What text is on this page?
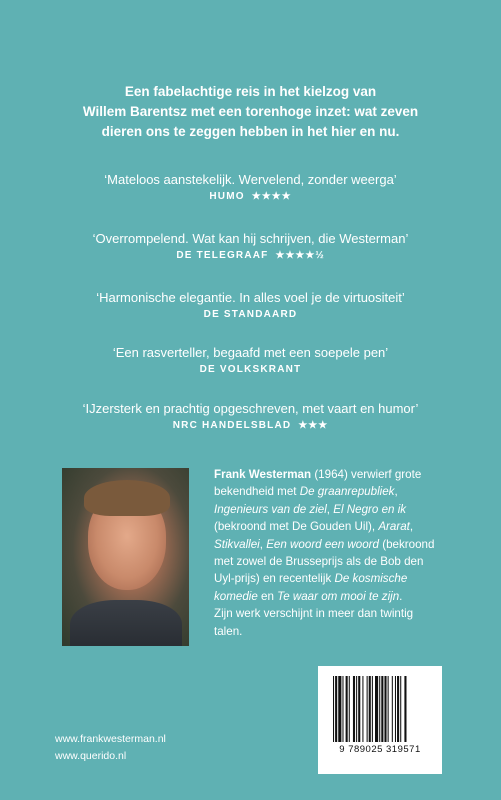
Een fabelachtige reis in het kielzog van
Willem Barentsz met een torenhoge inzet: wat zeven
dieren ons te zeggen hebben in het hier en nu.
‘Mateloos aanstekelijk. Wervelend, zonder weerga’
HUMO ★★★★
‘Overrompelend. Wat kan hij schrijven, die Westerman’
DE TELEGRAAF ★★★★½
‘Harmonische elegantie. In alles voel je de virtuositeit’
DE STANDAARD
‘Een rasverteller, begaafd met een soepele pen’
DE VOLKSKRANT
‘IJzersterk en prachtig opgeschreven, met vaart en humor’
NRC HANDELSBLAD ★★★
Frank Westerman (1964) verwierf grote bekendheid met De graanrepubliek, Ingenieurs van de ziel, El Negro en ik (bekroond met De Gouden Uil), Ararat, Stikvallei, Een woord een woord (bekroond met zowel de Brusseprijs als de Bob den Uyl-prijs) en recentelijk De kosmische komedie en Te waar om mooi te zijn.
Zijn werk verschijnt in meer dan twintig talen.
9 789025 319571
www.frankwesterman.nl
www.querido.nl
